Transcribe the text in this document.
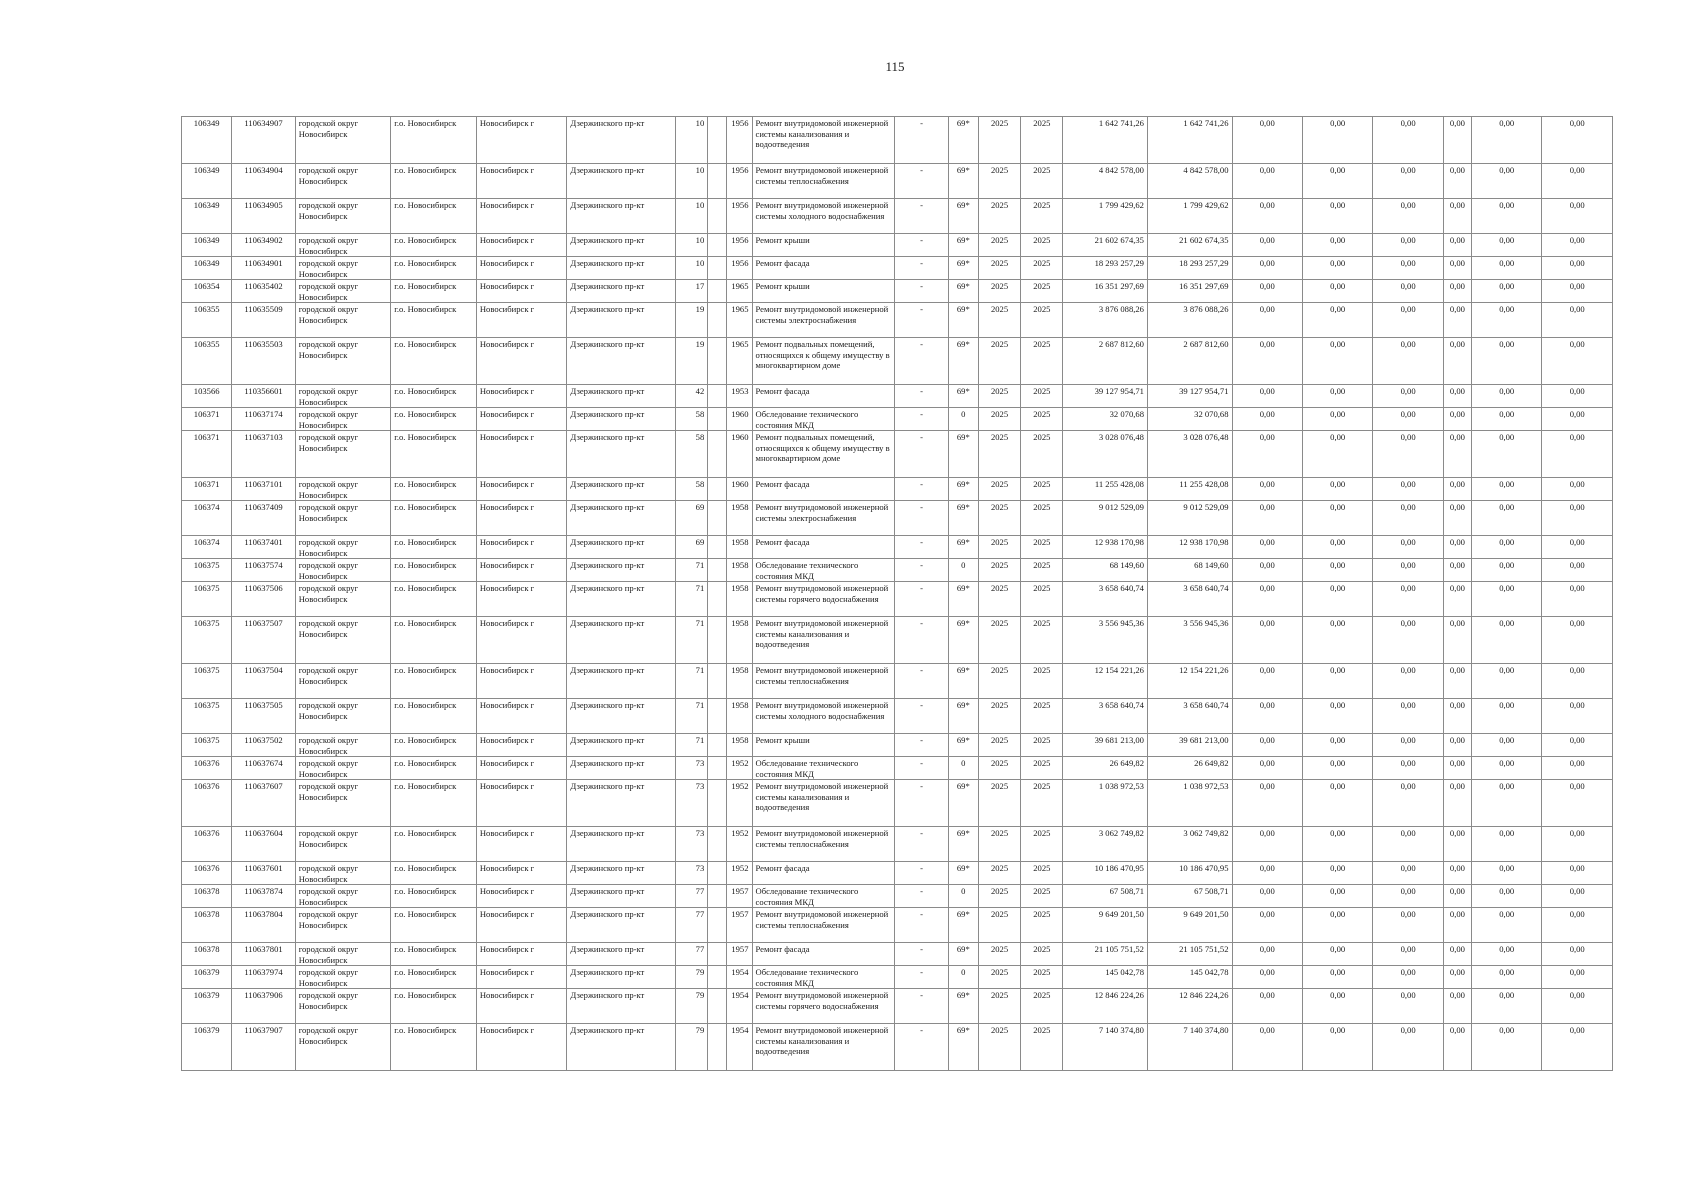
115
106349	110634907	городской округ Новосибирск	г.о. Новосибирск	Новосибирск г	Дзержинского пр-кт	10		1956	Ремонт внутридомовой инженерной системы канализования и водоотведения	-	69*	2025	2025	1 642 741,26	1 642 741,26	0,00	0,00	0,00	0,00	0,00	0,00
106349	110634904	городской округ Новосибирск	г.о. Новосибирск	Новосибирск г	Дзержинского пр-кт	10		1956	Ремонт внутридомовой инженерной системы теплоснабжения	-	69*	2025	2025	4 842 578,00	4 842 578,00	0,00	0,00	0,00	0,00	0,00	0,00
106349	110634905	городской округ Новосибирск	г.о. Новосибирск	Новосибирск г	Дзержинского пр-кт	10		1956	Ремонт внутридомовой инженерной системы холодного водоснабжения	-	69*	2025	2025	1 799 429,62	1 799 429,62	0,00	0,00	0,00	0,00	0,00	0,00
106349	110634902	городской округ Новосибирск	г.о. Новосибирск	Новосибирск г	Дзержинского пр-кт	10		1956	Ремонт крыши	-	69*	2025	2025	21 602 674,35	21 602 674,35	0,00	0,00	0,00	0,00	0,00	0,00
106349	110634901	городской округ Новосибирск	г.о. Новосибирск	Новосибирск г	Дзержинского пр-кт	10		1956	Ремонт фасада	-	69*	2025	2025	18 293 257,29	18 293 257,29	0,00	0,00	0,00	0,00	0,00	0,00
106354	110635402	городской округ Новосибирск	г.о. Новосибирск	Новосибирск г	Дзержинского пр-кт	17		1965	Ремонт крыши	-	69*	2025	2025	16 351 297,69	16 351 297,69	0,00	0,00	0,00	0,00	0,00	0,00
106355	110635509	городской округ Новосибирск	г.о. Новосибирск	Новосибирск г	Дзержинского пр-кт	19		1965	Ремонт внутридомовой инженерной системы электроснабжения	-	69*	2025	2025	3 876 088,26	3 876 088,26	0,00	0,00	0,00	0,00	0,00	0,00
106355	110635503	городской округ Новосибирск	г.о. Новосибирск	Новосибирск г	Дзержинского пр-кт	19		1965	Ремонт подвальных помещений, относящихся к общему имуществу в многоквартирном доме	-	69*	2025	2025	2 687 812,60	2 687 812,60	0,00	0,00	0,00	0,00	0,00	0,00
103566	110356601	городской округ Новосибирск	г.о. Новосибирск	Новосибирск г	Дзержинского пр-кт	42		1953	Ремонт фасада	-	69*	2025	2025	39 127 954,71	39 127 954,71	0,00	0,00	0,00	0,00	0,00	0,00
106371	110637174	городской округ Новосибирск	г.о. Новосибирск	Новосибирск г	Дзержинского пр-кт	58		1960	Обследование технического состояния МКД	-	0	2025	2025	32 070,68	32 070,68	0,00	0,00	0,00	0,00	0,00	0,00
106371	110637103	городской округ Новосибирск	г.о. Новосибирск	Новосибирск г	Дзержинского пр-кт	58		1960	Ремонт подвальных помещений, относящихся к общему имуществу в многоквартирном доме	-	69*	2025	2025	3 028 076,48	3 028 076,48	0,00	0,00	0,00	0,00	0,00	0,00
106371	110637101	городской округ Новосибирск	г.о. Новосибирск	Новосибирск г	Дзержинского пр-кт	58		1960	Ремонт фасада	-	69*	2025	2025	11 255 428,08	11 255 428,08	0,00	0,00	0,00	0,00	0,00	0,00
106374	110637409	городской округ Новосибирск	г.о. Новосибирск	Новосибирск г	Дзержинского пр-кт	69		1958	Ремонт внутридомовой инженерной системы электроснабжения	-	69*	2025	2025	9 012 529,09	9 012 529,09	0,00	0,00	0,00	0,00	0,00	0,00
106374	110637401	городской округ Новосибирск	г.о. Новосибирск	Новосибирск г	Дзержинского пр-кт	69		1958	Ремонт фасада	-	69*	2025	2025	12 938 170,98	12 938 170,98	0,00	0,00	0,00	0,00	0,00	0,00
106375	110637574	городской округ Новосибирск	г.о. Новосибирск	Новосибирск г	Дзержинского пр-кт	71		1958	Обследование технического состояния МКД	-	0	2025	2025	68 149,60	68 149,60	0,00	0,00	0,00	0,00	0,00	0,00
106375	110637506	городской округ Новосибирск	г.о. Новосибирск	Новосибирск г	Дзержинского пр-кт	71		1958	Ремонт внутридомовой инженерной системы горячего водоснабжения	-	69*	2025	2025	3 658 640,74	3 658 640,74	0,00	0,00	0,00	0,00	0,00	0,00
106375	110637507	городской округ Новосибирск	г.о. Новосибирск	Новосибирск г	Дзержинского пр-кт	71		1958	Ремонт внутридомовой инженерной системы канализования и водоотведения	-	69*	2025	2025	3 556 945,36	3 556 945,36	0,00	0,00	0,00	0,00	0,00	0,00
106375	110637504	городской округ Новосибирск	г.о. Новосибирск	Новосибирск г	Дзержинского пр-кт	71		1958	Ремонт внутридомовой инженерной системы теплоснабжения	-	69*	2025	2025	12 154 221,26	12 154 221,26	0,00	0,00	0,00	0,00	0,00	0,00
106375	110637505	городской округ Новосибирск	г.о. Новосибирск	Новосибирск г	Дзержинского пр-кт	71		1958	Ремонт внутридомовой инженерной системы холодного водоснабжения	-	69*	2025	2025	3 658 640,74	3 658 640,74	0,00	0,00	0,00	0,00	0,00	0,00
106375	110637502	городской округ Новосибирск	г.о. Новосибирск	Новосибирск г	Дзержинского пр-кт	71		1958	Ремонт крыши	-	69*	2025	2025	39 681 213,00	39 681 213,00	0,00	0,00	0,00	0,00	0,00	0,00
106376	110637674	городской округ Новосибирск	г.о. Новосибирск	Новосибирск г	Дзержинского пр-кт	73		1952	Обследование технического состояния МКД	-	0	2025	2025	26 649,82	26 649,82	0,00	0,00	0,00	0,00	0,00	0,00
106376	110637607	городской округ Новосибирск	г.о. Новосибирск	Новосибирск г	Дзержинского пр-кт	73		1952	Ремонт внутридомовой инженерной системы канализования и водоотведения	-	69*	2025	2025	1 038 972,53	1 038 972,53	0,00	0,00	0,00	0,00	0,00	0,00
106376	110637604	городской округ Новосибирск	г.о. Новосибирск	Новосибирск г	Дзержинского пр-кт	73		1952	Ремонт внутридомовой инженерной системы теплоснабжения	-	69*	2025	2025	3 062 749,82	3 062 749,82	0,00	0,00	0,00	0,00	0,00	0,00
106376	110637601	городской округ Новосибирск	г.о. Новосибирск	Новосибирск г	Дзержинского пр-кт	73		1952	Ремонт фасада	-	69*	2025	2025	10 186 470,95	10 186 470,95	0,00	0,00	0,00	0,00	0,00	0,00
106378	110637874	городской округ Новосибирск	г.о. Новосибирск	Новосибирск г	Дзержинского пр-кт	77		1957	Обследование технического состояния МКД	-	0	2025	2025	67 508,71	67 508,71	0,00	0,00	0,00	0,00	0,00	0,00
106378	110637804	городской округ Новосибирск	г.о. Новосибирск	Новосибирск г	Дзержинского пр-кт	77		1957	Ремонт внутридомовой инженерной системы теплоснабжения	-	69*	2025	2025	9 649 201,50	9 649 201,50	0,00	0,00	0,00	0,00	0,00	0,00
106378	110637801	городской округ Новосибирск	г.о. Новосибирск	Новосибирск г	Дзержинского пр-кт	77		1957	Ремонт фасада	-	69*	2025	2025	21 105 751,52	21 105 751,52	0,00	0,00	0,00	0,00	0,00	0,00
106379	110637974	городской округ Новосибирск	г.о. Новосибирск	Новосибирск г	Дзержинского пр-кт	79		1954	Обследование технического состояния МКД	-	0	2025	2025	145 042,78	145 042,78	0,00	0,00	0,00	0,00	0,00	0,00
106379	110637906	городской округ Новосибирск	г.о. Новосибирск	Новосибирск г	Дзержинского пр-кт	79		1954	Ремонт внутридомовой инженерной системы горячего водоснабжения	-	69*	2025	2025	12 846 224,26	12 846 224,26	0,00	0,00	0,00	0,00	0,00	0,00
106379	110637907	городской округ Новосибирск	г.о. Новосибирск	Новосибирск г	Дзержинского пр-кт	79		1954	Ремонт внутридомовой инженерной системы канализования и водоотведения	-	69*	2025	2025	7 140 374,80	7 140 374,80	0,00	0,00	0,00	0,00	0,00	0,00
